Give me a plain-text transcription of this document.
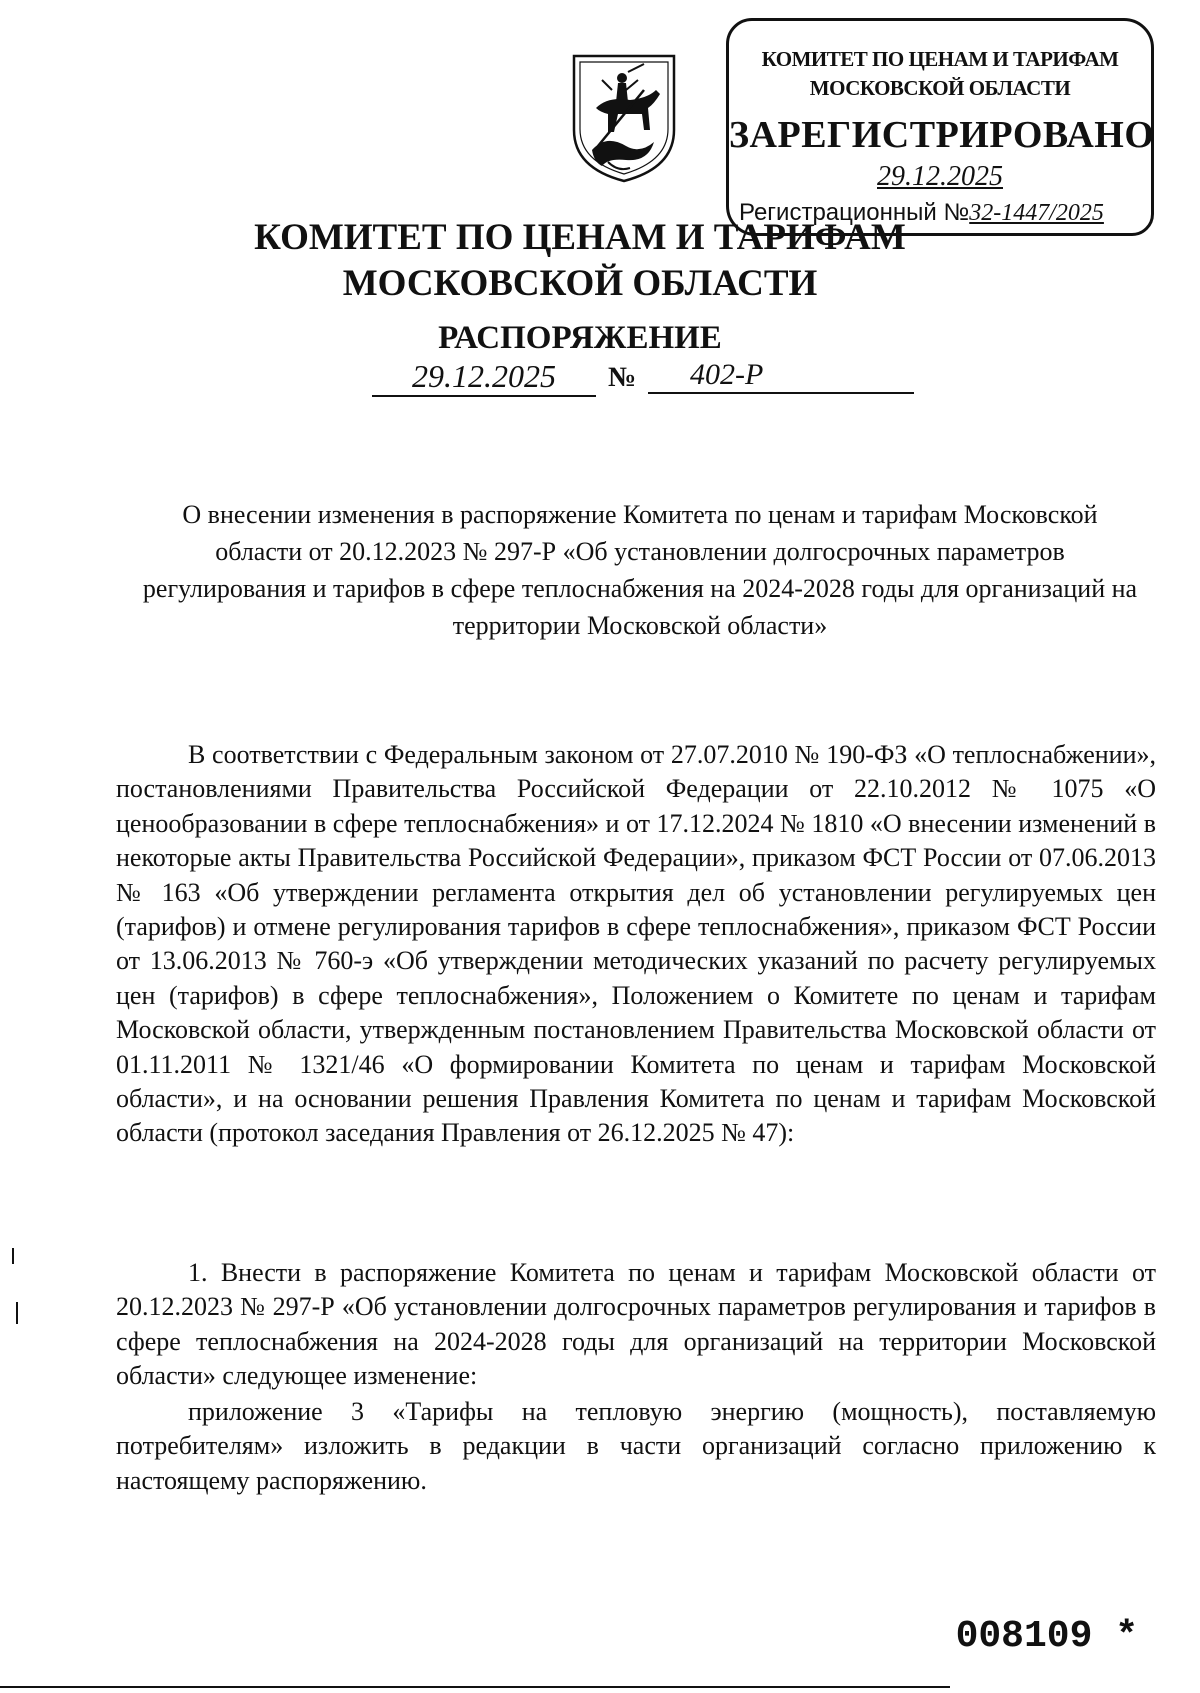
КОМИТЕТ ПО ЦЕНАМ И ТАРИФАМ
МОСКОВСКОЙ ОБЛАСТИ
ЗАРЕГИСТРИРОВАНО
29.12.2025
Регистрационный №32-1447/2025
КОМИТЕТ ПО ЦЕНАМ И ТАРИФАМ
МОСКОВСКОЙ ОБЛАСТИ
РАСПОРЯЖЕНИЕ
29.12.2025	№	402-Р
О внесении изменения в распоряжение Комитета по ценам и тарифам Московской области от 20.12.2023 № 297-Р «Об установлении долгосрочных параметров регулирования и тарифов в сфере теплоснабжения на 2024-2028 годы для организаций на территории Московской области»
В соответствии с Федеральным законом от 27.07.2010 № 190-ФЗ «О теплоснабжении», постановлениями Правительства Российской Федерации от 22.10.2012 № 1075 «О ценообразовании в сфере теплоснабжения» и от 17.12.2024 № 1810 «О внесении изменений в некоторые акты Правительства Российской Федерации», приказом ФСТ России от 07.06.2013 № 163 «Об утверждении регламента открытия дел об установлении регулируемых цен (тарифов) и отмене регулирования тарифов в сфере теплоснабжения», приказом ФСТ России от 13.06.2013 № 760-э «Об утверждении методических указаний по расчету регулируемых цен (тарифов) в сфере теплоснабжения», Положением о Комитете по ценам и тарифам Московской области, утвержденным постановлением Правительства Московской области от 01.11.2011 № 1321/46 «О формировании Комитета по ценам и тарифам Московской области», и на основании решения Правления Комитета по ценам и тарифам Московской области (протокол заседания Правления от 26.12.2025 № 47):
1. Внести в распоряжение Комитета по ценам и тарифам Московской области от 20.12.2023 № 297-Р «Об установлении долгосрочных параметров регулирования и тарифов в сфере теплоснабжения на 2024-2028 годы для организаций на территории Московской области» следующее изменение:
приложение 3 «Тарифы на тепловую энергию (мощность), поставляемую потребителям» изложить в редакции в части организаций согласно приложению к настоящему распоряжению.
008109 *
